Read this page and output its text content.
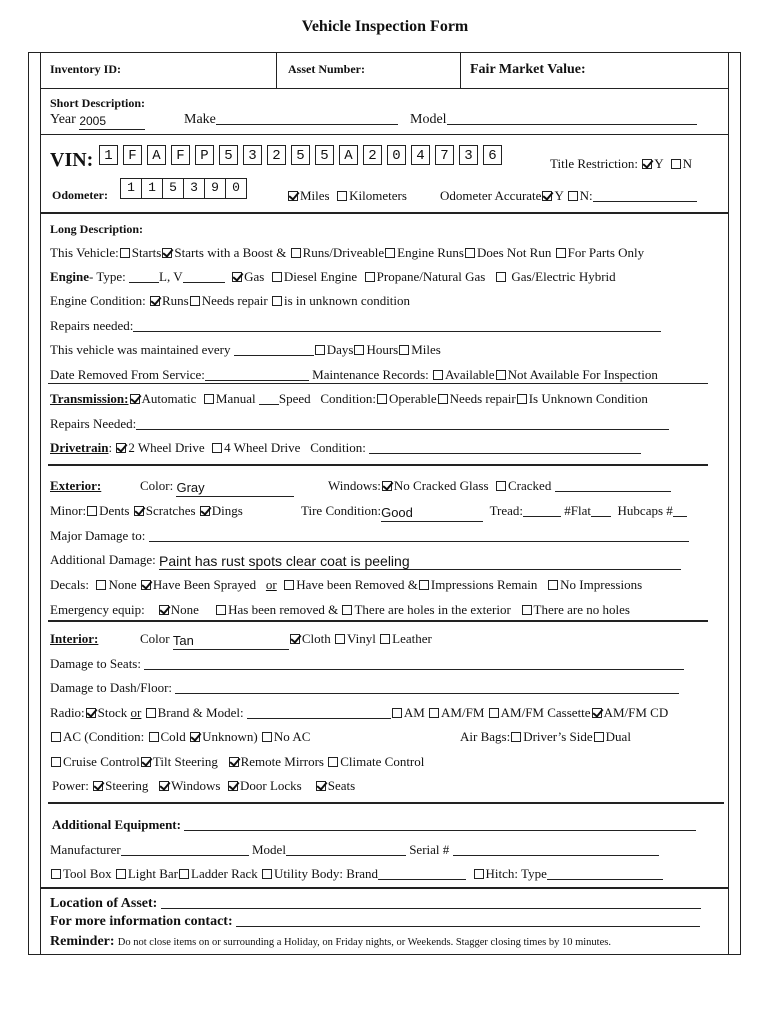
Vehicle Inspection Form
Inventory ID:	Asset Number:	Fair Market Value:
Short Description:
Year 2005	Make	Model
VIN: 1 F A F P 5 3 2 5 5 A 2 0 4 7 3 6	Title Restriction: Y N
Odometer:	1 1 5 3 9 0
Miles Kilometers	Odometer Accurate Y N:
Long Description:
This Vehicle: Starts Starts with a Boost & Runs/Driveable Engine Runs Does Not Run For Parts Only
Engine- Type:	L, V	Gas Diesel Engine Propane/Natural Gas Gas/Electric Hybrid
Engine Condition: Runs Needs repair is in unknown condition
Repairs needed:
This vehicle was maintained every	Days Hours Miles
Date Removed From Service:	Maintenance Records: Available Not Available For Inspection
Transmission: Automatic Manual Speed Condition: Operable Needs repair Is Unknown Condition
Repairs Needed:
Drivetrain: 2 Wheel Drive 4 Wheel Drive Condition:
Exterior:	Color: Gray	Windows: No Cracked Glass Cracked
Minor: Dents Scratches Dings	Tire Condition:Good	Tread:	#Flat Hubcaps #
Major Damage to:
Additional Damage: Paint has rust spots clear coat is peeling
Decals: None Have Been Sprayed or Have been Removed & Impressions Remain No Impressions
Emergency equip: None Has been removed & There are holes in the exterior There are no holes
Interior:	Color Tan	Cloth Vinyl Leather
Damage to Seats:
Damage to Dash/Floor:
Radio: Stock or Brand & Model:	AM AM/FM AM/FM Cassette AM/FM CD
AC (Condition: Cold Unknown) No AC	Air Bags: Driver’s Side Dual
Cruise Control Tilt Steering Remote Mirrors Climate Control
Power: Steering Windows Door Locks Seats
Additional Equipment:
Manufacturer	Model	Serial #
Tool Box Light Bar Ladder Rack Utility Body: Brand	Hitch: Type
Location of Asset:
For more information contact:
Reminder: Do not close items on or surrounding a Holiday, on Friday nights, or Weekends. Stagger closing times by 10 minutes.
